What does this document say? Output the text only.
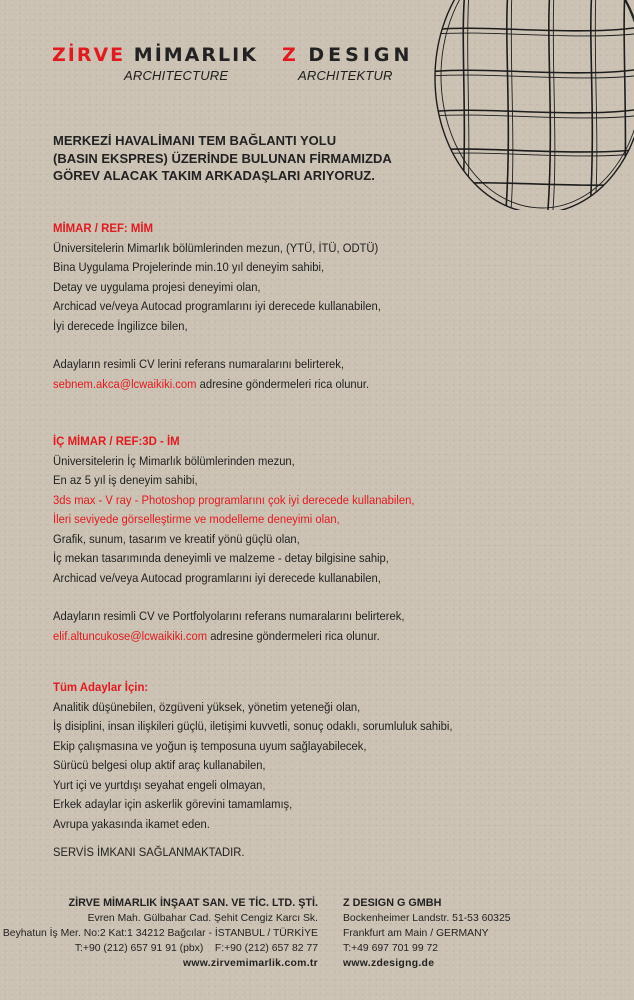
ZİRVE MİMARLIK
ARCHITECTURE
Z DESIGN
ARCHITEKTUR
MERKEZİ HAVALİMANI TEM BAĞLANTI YOLU
(BASIN EKSPRES) ÜZERİNDE BULUNAN FİRMAMIZDA
GÖREV ALACAK TAKIM ARKADAŞLARI ARIYORUZ.
MİMAR / REF: MİM
Üniversitelerin Mimarlık bölümlerinden mezun, (YTÜ, İTÜ, ODTÜ)
Bina Uygulama Projelerinde min.10 yıl deneyim sahibi,
Detay ve uygulama projesi deneyimi olan,
Archicad ve/veya Autocad programlarını iyi derecede kullanabilen,
İyi derecede İngilizce bilen,
Adayların resimli CV lerini referans numaralarını belirterek,
sebnem.akca@lcwaikiki.com adresine göndermeleri rica olunur.
İÇ MİMAR / REF:3D - İM
Üniversitelerin İç Mimarlık bölümlerinden mezun,
En az 5 yıl iş deneyim sahibi,
3ds max - V ray - Photoshop programlarını çok iyi derecede kullanabilen,
İleri seviyede görselleştirme ve modelleme deneyimi olan,
Grafik, sunum, tasarım ve kreatif yönü güçlü olan,
İç mekan tasarımında deneyimli ve malzeme - detay bilgisine sahip,
Archicad ve/veya Autocad programlarını iyi derecede kullanabilen,
Adayların resimli CV ve Portfolyolarını referans numaralarını belirterek,
elif.altuncukose@lcwaikiki.com adresine göndermeleri rica olunur.
Tüm Adaylar İçin:
Analitik düşünebilen, özgüveni yüksek, yönetim yeteneği olan,
İş disiplini, insan ilişkileri güçlü, iletişimi kuvvetli, sonuç odaklı, sorumluluk sahibi,
Ekip çalışmasına ve yoğun iş temposuna uyum sağlayabilecek,
Sürücü belgesi olup aktif araç kullanabilen,
Yurt içi ve yurtdışı seyahat engeli olmayan,
Erkek adaylar için askerlik görevini tamamlamış,
Avrupa yakasında ikamet eden.
SERVİS İMKANI SAĞLANMAKTADIR.
ZİRVE MİMARLIK İNŞAAT SAN. VE TİC. LTD. ŞTİ.
Evren Mah. Gülbahar Cad. Şehit Cengiz Karcı Sk.
Beyhatun İş Mer. No:2 Kat:1 34212 Bağcılar - İSTANBUL / TÜRKİYE
T:+90 (212) 657 91 91 (pbx)    F:+90 (212) 657 82 77
www.zirvemimarlik.com.tr
Z DESIGN G GMBH
Bockenheimer Landstr. 51-53 60325
Frankfurt am Main / GERMANY
T:+49 697 701 99 72
www.zdesigng.de
